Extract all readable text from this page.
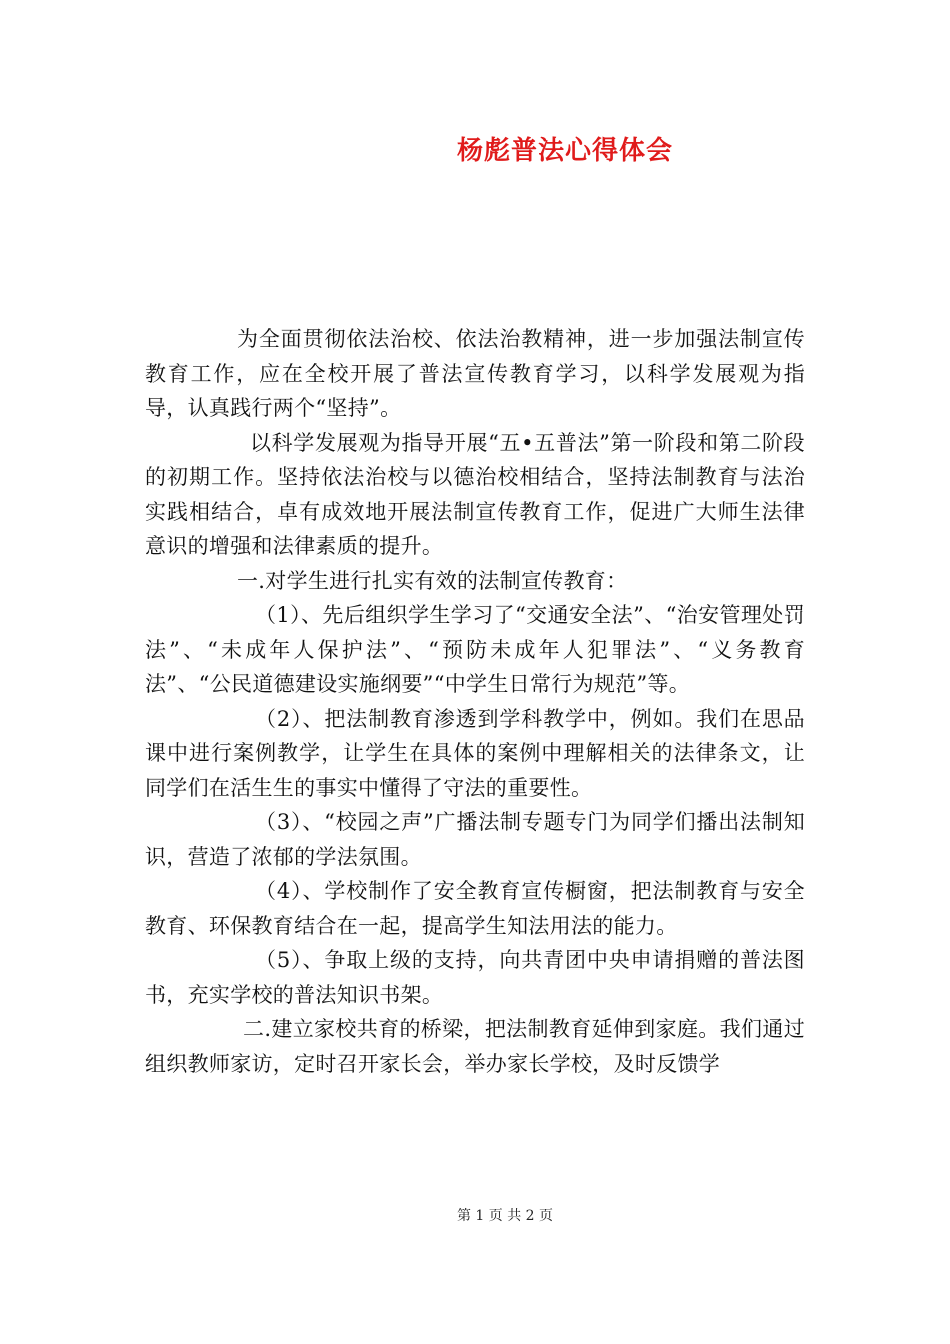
杨彪普法心得体会

为全面贯彻依法治校、依法治教精神，进一步加强法制宣传教育工作，应在全校开展了普法宣传教育学习，以科学发展观为指导，认真践行两个“坚持”。

以科学发展观为指导开展“五•五普法”第一阶段和第二阶段的初期工作。坚持依法治校与以德治校相结合，坚持法制教育与法治实践相结合，卓有成效地开展法制宣传教育工作，促进广大师生法律意识的增强和法律素质的提升。

一.对学生进行扎实有效的法制宣传教育：

（1）、先后组织学生学习了“交通安全法”、“治安管理处罚法”、“未成年人保护法”、“预防未成年人犯罪法”、“义务教育法”、“公民道德建设实施纲要”“中学生日常行为规范”等。

（2）、把法制教育渗透到学科教学中，例如。我们在思品课中进行案例教学，让学生在具体的案例中理解相关的法律条文，让同学们在活生生的事实中懂得了守法的重要性。

（3）、“校园之声”广播法制专题专门为同学们播出法制知识，营造了浓郁的学法氛围。

（4）、学校制作了安全教育宣传橱窗，把法制教育与安全教育、环保教育结合在一起，提高学生知法用法的能力。

（5）、争取上级的支持，向共青团中央申请捐赠的普法图书，充实学校的普法知识书架。

二.建立家校共育的桥梁，把法制教育延伸到家庭。我们通过组织教师家访，定时召开家长会，举办家长学校，及时反馈学

第 1 页 共 2 页
